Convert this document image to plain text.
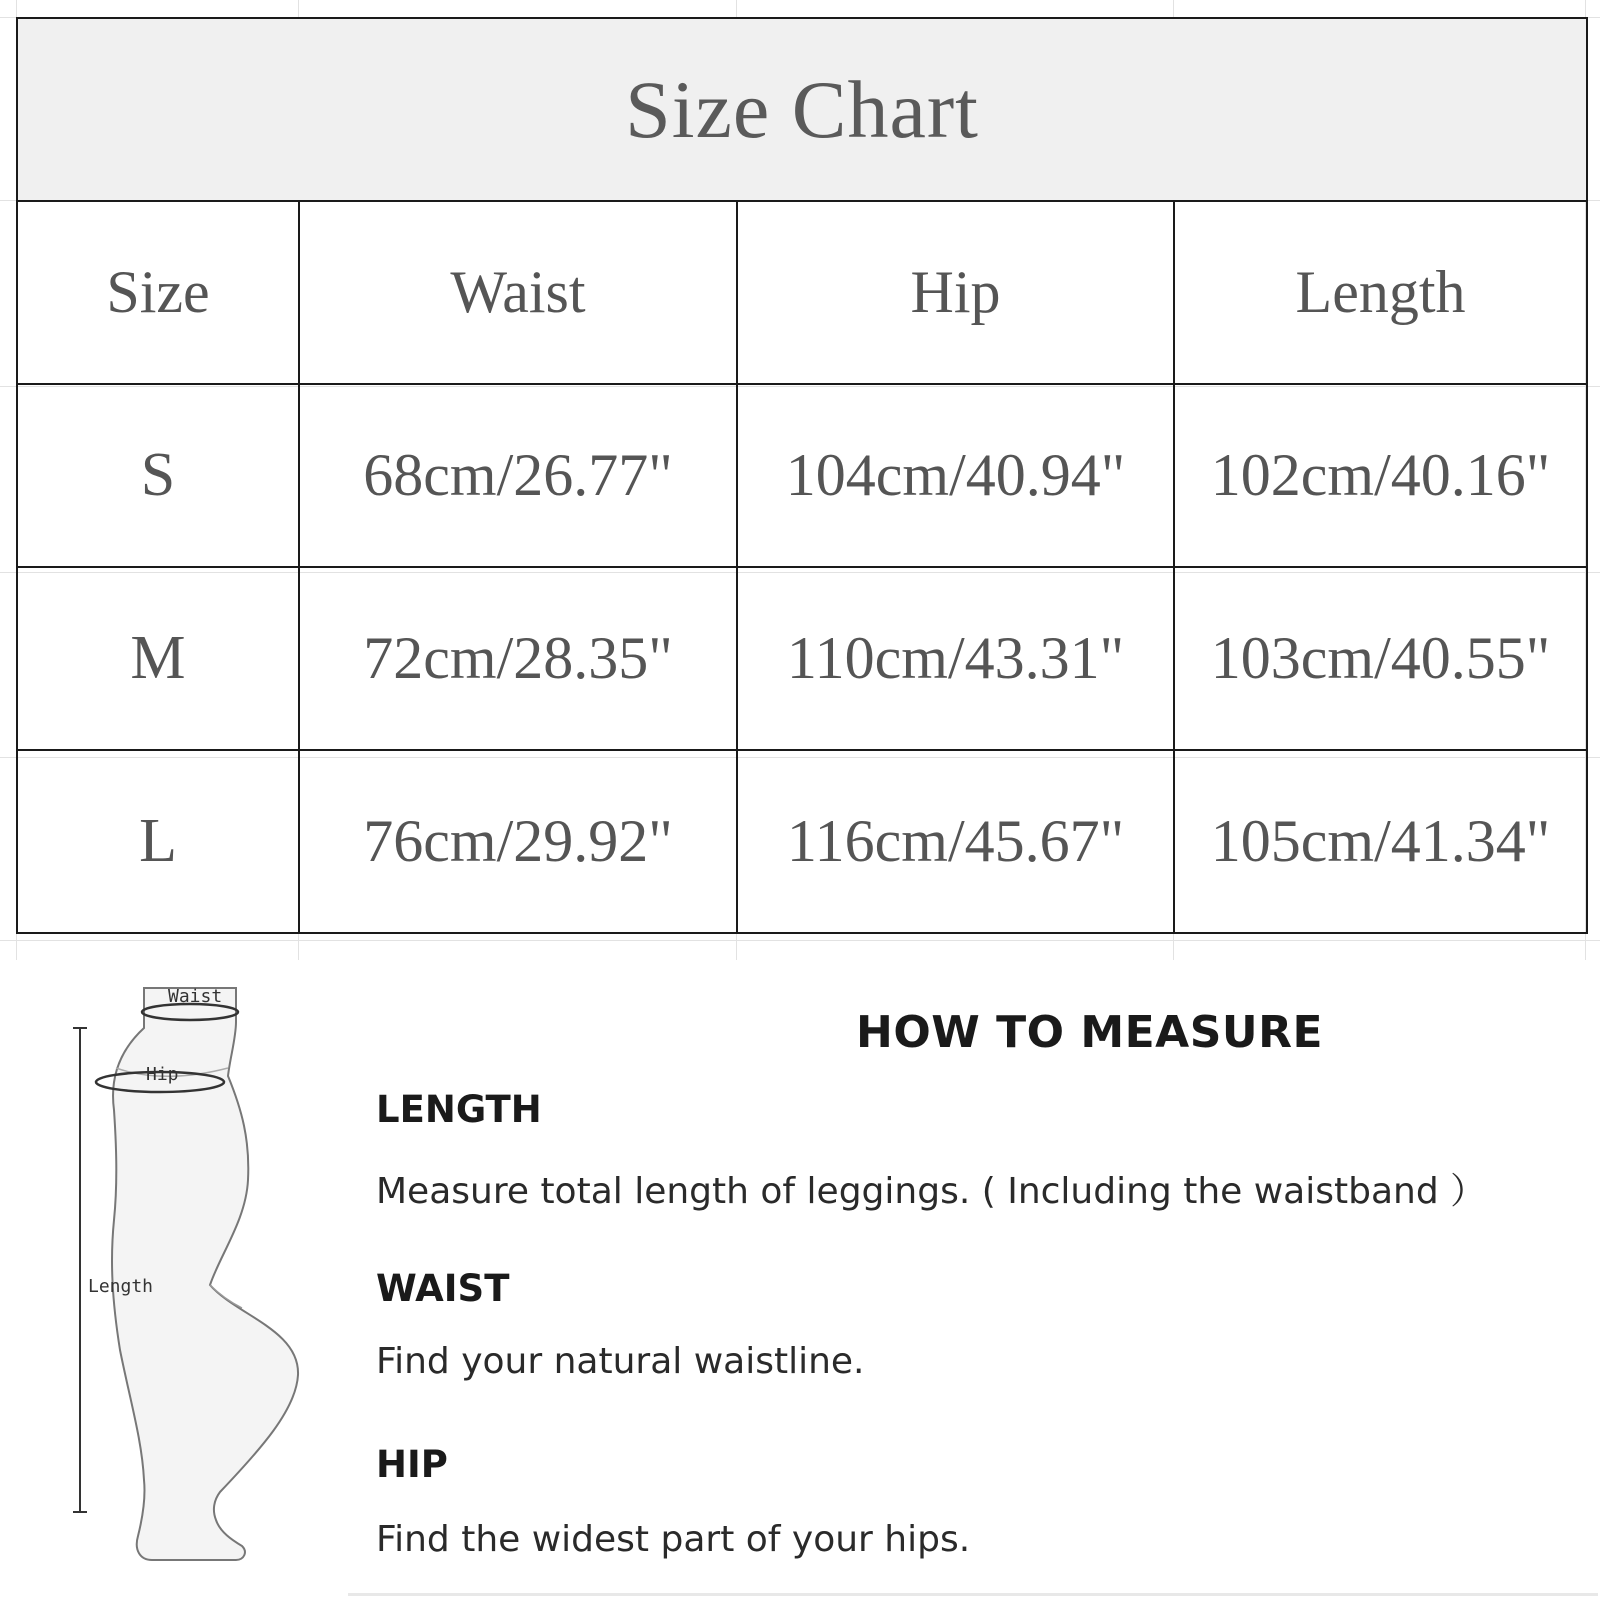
Size Chart			
Size	Waist	Hip	Length
S	68cm/26.77"	104cm/40.94"	102cm/40.16"
M	72cm/28.35"	110cm/43.31"	103cm/40.55"
L	76cm/29.92"	116cm/45.67"	105cm/41.34"
Waist
Hip
Length
HOW TO MEASURE
LENGTH
Measure total length of leggings. ( Including the waistband ）
WAIST
Find your natural waistline.
HIP
Find the widest part of your hips.
